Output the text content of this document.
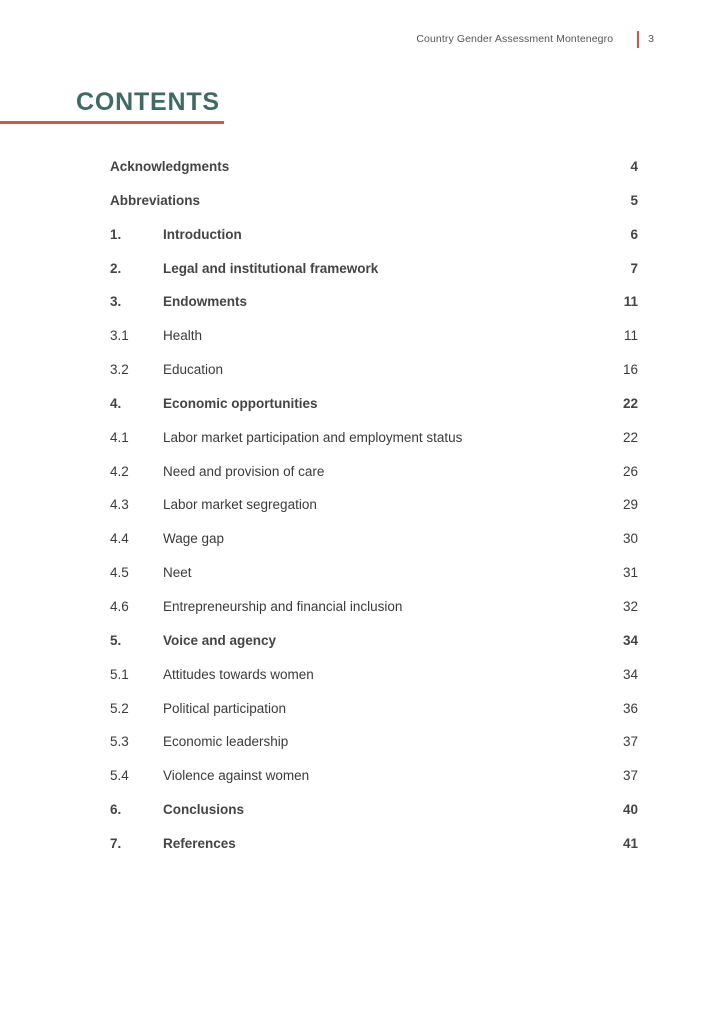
Country Gender Assessment Montenegro	3
CONTENTS
Acknowledgments	4
Abbreviations	5
1.	Introduction	6
2.	Legal and institutional framework	7
3.	Endowments	11
3.1	Health	11
3.2	Education	16
4.	Economic opportunities	22
4.1	Labor market participation and employment status	22
4.2	Need and provision of care	26
4.3	Labor market segregation	29
4.4	Wage gap	30
4.5	Neet	31
4.6	Entrepreneurship and financial inclusion	32
5.	Voice and agency	34
5.1	Attitudes towards women	34
5.2	Political participation	36
5.3	Economic leadership	37
5.4	Violence against women	37
6.	Conclusions	40
7.	References	41
